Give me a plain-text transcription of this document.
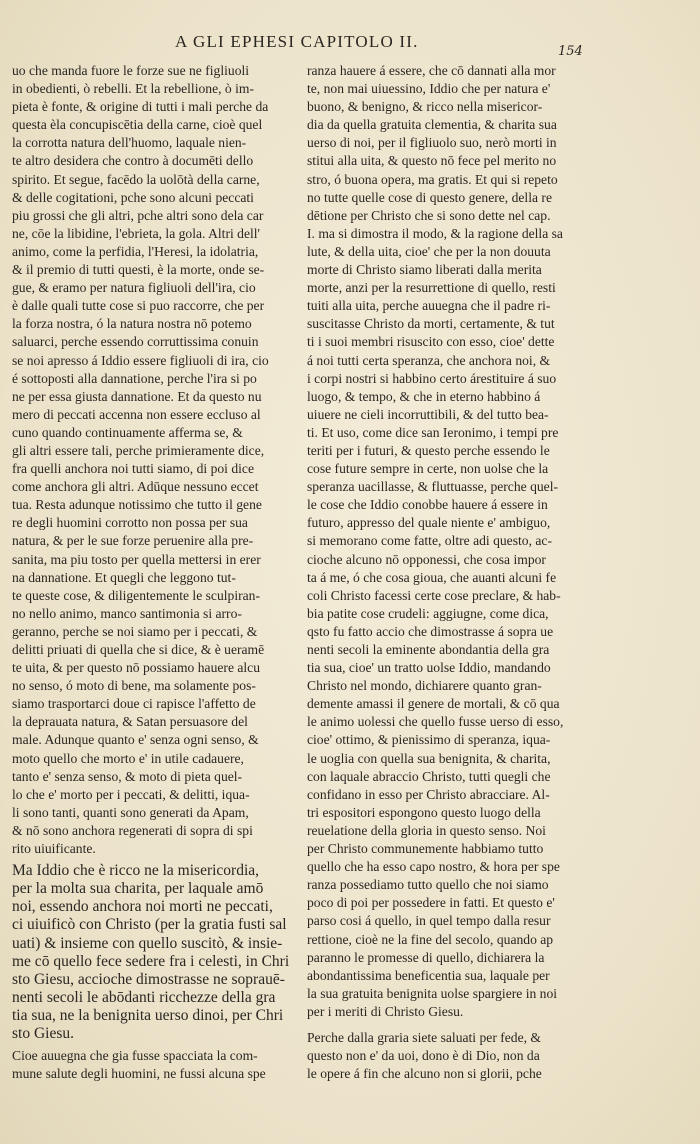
A GLI EPHESI CAPITOLO II.
154
uo che manda fuore le forze sue ne figliuoli
in obedienti, ò rebelli. Et la rebellione, ò im-
pieta è fonte, & origine di tutti i mali perche da
questa èla concupiscētia della carne, cioè quel
la corrotta natura dell'huomo, laquale nien-
te altro desidera che contro à documēti dello
spirito. Et segue, facēdo la uolōtà della carne,
& delle cogitationi, pche sono alcuni peccati
piu grossi che gli altri, pche altri sono dela car
ne, cōe la libidine, l'ebrieta, la gola. Altri dell'
animo, come la perfidia, l'Heresi, la idolatria,
& il premio di tutti questi, è la morte, onde se-
gue, & eramo per natura figliuoli dell'ira, cio
è dalle quali tutte cose si puo raccorre, che per
la forza nostra, ó la natura nostra nō potemo
saluarci, perche essendo corruttissima conuin
se noi apresso á Iddio essere figliuoli di ira, cio
é sottoposti alla dannatione, perche l'ira si po
ne per essa giusta dannatione. Et da questo nu
mero di peccati accenna non essere eccluso al
cuno quando continuamente afferma se, &
gli altri essere tali, perche primieramente dice,
fra quelli anchora noi tutti siamo, di poi dice
come anchora gli altri. Adūque nessuno eccet
tua. Resta adunque notissimo che tutto il gene
re degli huomini corrotto non possa per sua
natura, & per le sue forze peruenire alla pre-
sanita, ma piu tosto per quella mettersi in erer
na dannatione. Et quegli che leggono tut-
te queste cose, & diligentemente le sculpiran-
no nello animo, manco santimonia si arro-
geranno, perche se noi siamo per i peccati, &
delitti priuati di quella che si dice, & è ueramē
te uita, & per questo nō possiamo hauere alcu
no senso, ó moto di bene, ma solamente pos-
siamo trasportarci doue ci rapisce l'affetto de
la deprauata natura, & Satan persuasore del
male. Adunque quanto e' senza ogni senso, &
moto quello che morto e' in utile cadauere,
tanto e' senza senso, & moto di pieta quel-
lo che e' morto per i peccati, & delitti, iqua-
li sono tanti, quanti sono generati da Apam,
& nō sono anchora regenerati di sopra di spi
rito uiuificante.
Ma Iddio che è ricco ne la misericordia,
per la molta sua charita, per laquale amō
noi, essendo anchora noi morti ne peccati,
ci uiuificò con Christo (per la gratia fusti sal
uati) & insieme con quello suscitò, & insie-
me cō quello fece sedere fra i celesti, in Chri
sto Giesu, accioche dimostrasse ne soprauē-
nenti secoli le abōdanti ricchezze della gra
tia sua, ne la benignita uerso dinoi, per Chri
sto Giesu.
Cioe auuegna che gia fusse spacciata la com-
mune salute degli huomini, ne fussi alcuna spe
ranza hauere á essere, che cō dannati alla mor
te, non mai uiuessino, Iddio che per natura e'
buono, & benigno, & ricco nella misericor-
dia da quella gratuita clementia, & charita sua
uerso di noi, per il figliuolo suo, nerò morti in
stitui alla uita, & questo nō fece pel merito no
stro, ó buona opera, ma gratis. Et qui si repeto
no tutte quelle cose di questo genere, della re
dētione per Christo che si sono dette nel cap.
I. ma si dimostra il modo, & la ragione della sa
lute, & della uita, cioe' che per la non douuta
morte di Christo siamo liberati dalla merita
morte, anzi per la resurrettione di quello, resti
tuiti alla uita, perche auuegna che il padre ri-
suscitasse Christo da morti, certamente, & tut
ti i suoi membri risuscito con esso, cioe' dette
á noi tutti certa speranza, che anchora noi, &
i corpi nostri si habbino certo árestituire á suo
luogo, & tempo, & che in eterno habbino á
uiuere ne cieli incorruttibili, & del tutto bea-
ti. Et uso, come dice san Ieronimo, i tempi pre
teriti per i futuri, & questo perche essendo le
cose future sempre in certe, non uolse che la
speranza uacillasse, & fluttuasse, perche quel-
le cose che Iddio conobbe hauere á essere in
futuro, appresso del quale niente e' ambiguo,
si memorano come fatte, oltre adi questo, ac-
cioche alcuno nō opponessi, che cosa impor
ta á me, ó che cosa gioua, che auanti alcuni fe
coli Christo facessi certe cose preclare, & hab-
bia patite cose crudeli: aggiugne, come dica,
qsto fu fatto accio che dimostrasse á sopra ue
nenti secoli la eminente abondantia della gra
tia sua, cioe' un tratto uolse Iddio, mandando
Christo nel mondo, dichiarere quanto gran-
demente amassi il genere de mortali, & cō qua
le animo uolessi che quello fusse uerso di esso,
cioe' ottimo, & pienissimo di speranza, iqua-
le uoglia con quella sua benignita, & charita,
con laquale abraccio Christo, tutti quegli che
confidano in esso per Christo abracciare. Al-
tri espositori espongono questo luogo della
reuelatione della gloria in questo senso. Noi
per Christo communemente habbiamo tutto
quello che ha esso capo nostro, & hora per spe
ranza possediamo tutto quello che noi siamo
poco di poi per possedere in fatti. Et questo e'
parso cosi á quello, in quel tempo dalla resur
rettione, cioè ne la fine del secolo, quando ap
paranno le promesse di quello, dichiarera la
abondantissima beneficentia sua, laquale per
la sua gratuita benignita uolse spargiere in noi
per i meriti di Christo Giesu.
Perche dalla graria siete saluati per fede, &
questo non e' da uoi, dono è di Dio, non da
le opere á fin che alcuno non si glorii, pche
